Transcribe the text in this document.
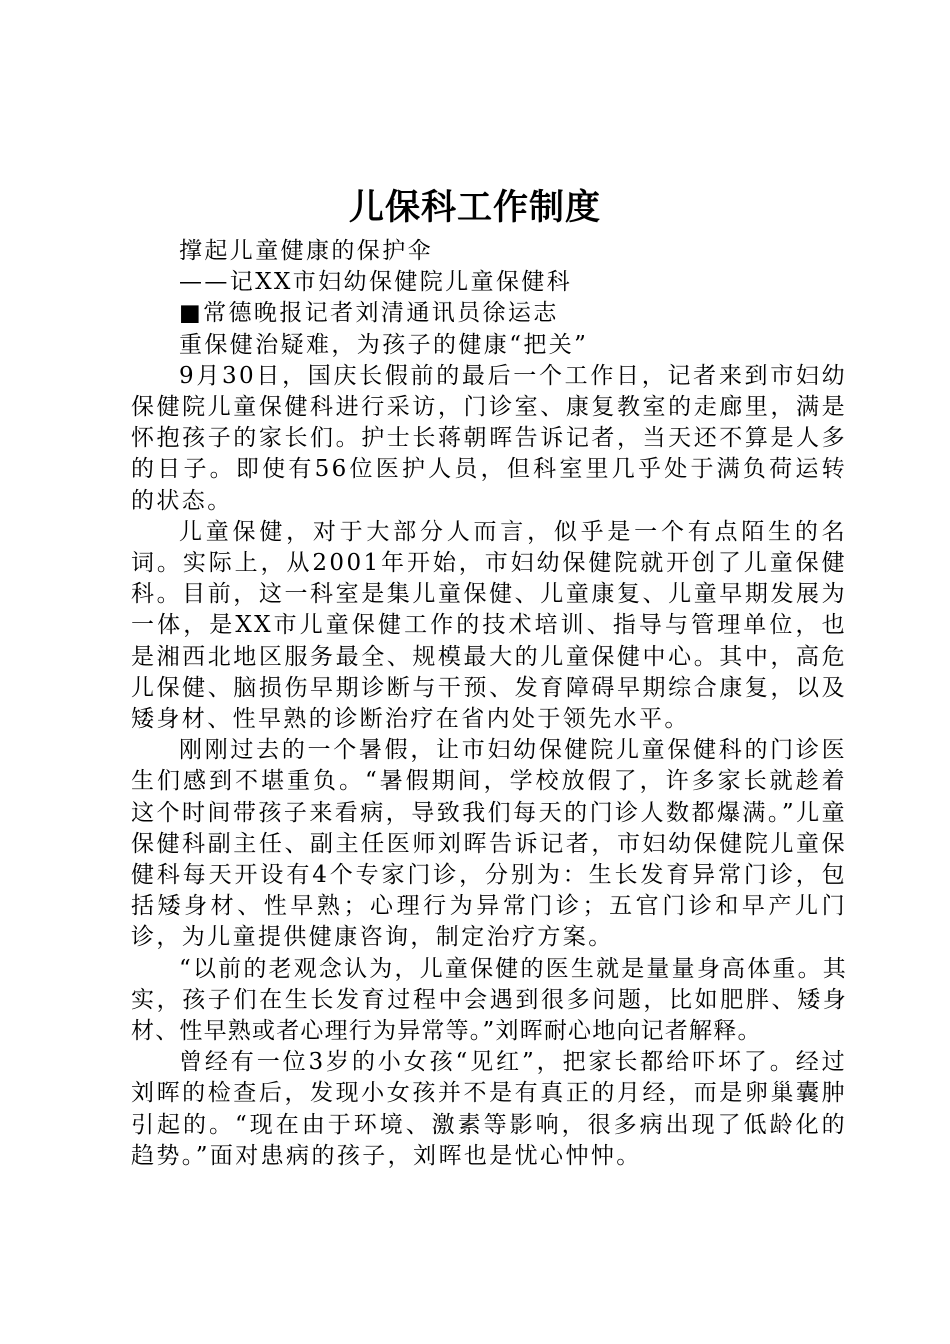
儿保科工作制度

撑起儿童健康的保护伞

——记XX市妇幼保健院儿童保健科

■常德晚报记者刘清通讯员徐运志

重保健治疑难，为孩子的健康“把关”

9月30日，国庆长假前的最后一个工作日，记者来到市妇幼保健院儿童保健科进行采访，门诊室、康复教室的走廊里，满是怀抱孩子的家长们。护士长蒋朝晖告诉记者，当天还不算是人多的日子。即使有56位医护人员，但科室里几乎处于满负荷运转的状态。

儿童保健，对于大部分人而言，似乎是一个有点陌生的名词。实际上，从2001年开始，市妇幼保健院就开创了儿童保健科。目前，这一科室是集儿童保健、儿童康复、儿童早期发展为一体，是XX市儿童保健工作的技术培训、指导与管理单位，也是湘西北地区服务最全、规模最大的儿童保健中心。其中，高危儿保健、脑损伤早期诊断与干预、发育障碍早期综合康复，以及矮身材、性早熟的诊断治疗在省内处于领先水平。

刚刚过去的一个暑假，让市妇幼保健院儿童保健科的门诊医生们感到不堪重负。“暑假期间，学校放假了，许多家长就趁着这个时间带孩子来看病，导致我们每天的门诊人数都爆满。”儿童保健科副主任、副主任医师刘晖告诉记者，市妇幼保健院儿童保健科每天开设有4个专家门诊，分别为：生长发育异常门诊，包括矮身材、性早熟；心理行为异常门诊；五官门诊和早产儿门诊，为儿童提供健康咨询，制定治疗方案。

“以前的老观念认为，儿童保健的医生就是量量身高体重。其实，孩子们在生长发育过程中会遇到很多问题，比如肥胖、矮身材、性早熟或者心理行为异常等。”刘晖耐心地向记者解释。

曾经有一位3岁的小女孩“见红”，把家长都给吓坏了。经过刘晖的检查后，发现小女孩并不是有真正的月经，而是卵巢囊肿引起的。“现在由于环境、激素等影响，很多病出现了低龄化的趋势。”面对患病的孩子，刘晖也是忧心忡忡。
